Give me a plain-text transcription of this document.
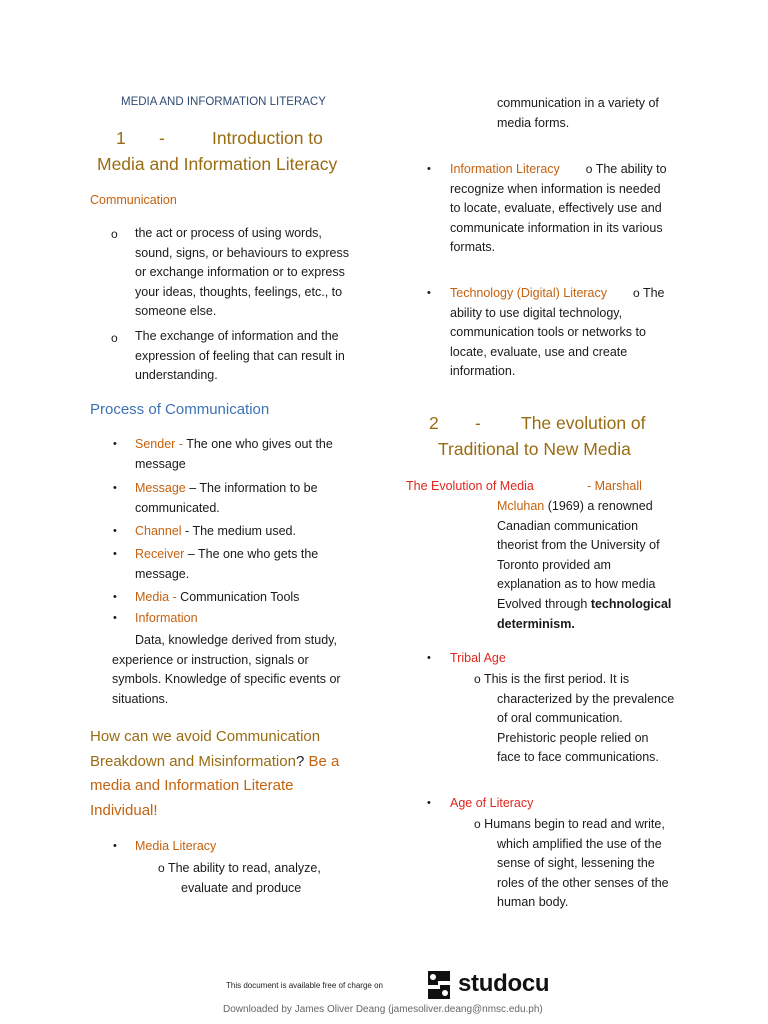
MEDIA AND INFORMATION LITERACY
1 -	Introduction to
Media and Information Literacy
Communication
o the act or process of using words,
sound, signs, or behaviours to express
or exchange information or to express
your ideas, thoughts, feelings, etc., to
someone else.
o The exchange of information and the
expression of feeling that can result in
understanding.
Process of Communication
• Sender - The one who gives out the
message
• Message – The information to be
communicated.
• Channel - The medium used.
• Receiver – The one who gets the
message.
• Media - Communication Tools
• Information
Data, knowledge derived from study,
experience or instruction, signals or
symbols. Knowledge of specific events or
situations.
How can we avoid Communication
Breakdown and Misinformation? Be a
media and Information Literate
Individual!
• Media Literacy
o The ability to read, analyze,
evaluate and produce
communication in a variety of
media forms.
• Information Literacy o The ability to
recognize when information is needed
to locate, evaluate, effectively use and
communicate information in its various
formats.
• Technology (Digital) Literacy o The
ability to use digital technology,
communication tools or networks to
locate, evaluate, use and create
information.
2 - The evolution of
Traditional to New Media
The Evolution of Media	- Marshall
Mcluhan (1969) a renowned
Canadian communication
theorist from the University of
Toronto provided am
explanation as to how media
Evolved through technological
determinism.
• Tribal Age
o This is the first period. It is
characterized by the prevalence
of oral communication.
Prehistoric people relied on
face to face communications.
• Age of Literacy
o Humans begin to read and write,
which amplified the use of the
sense of sight, lessening the
roles of the other senses of the
human body.
This document is available free of charge on	studocu
Downloaded by James Oliver Deang (jamesoliver.deang@nmsc.edu.ph)
